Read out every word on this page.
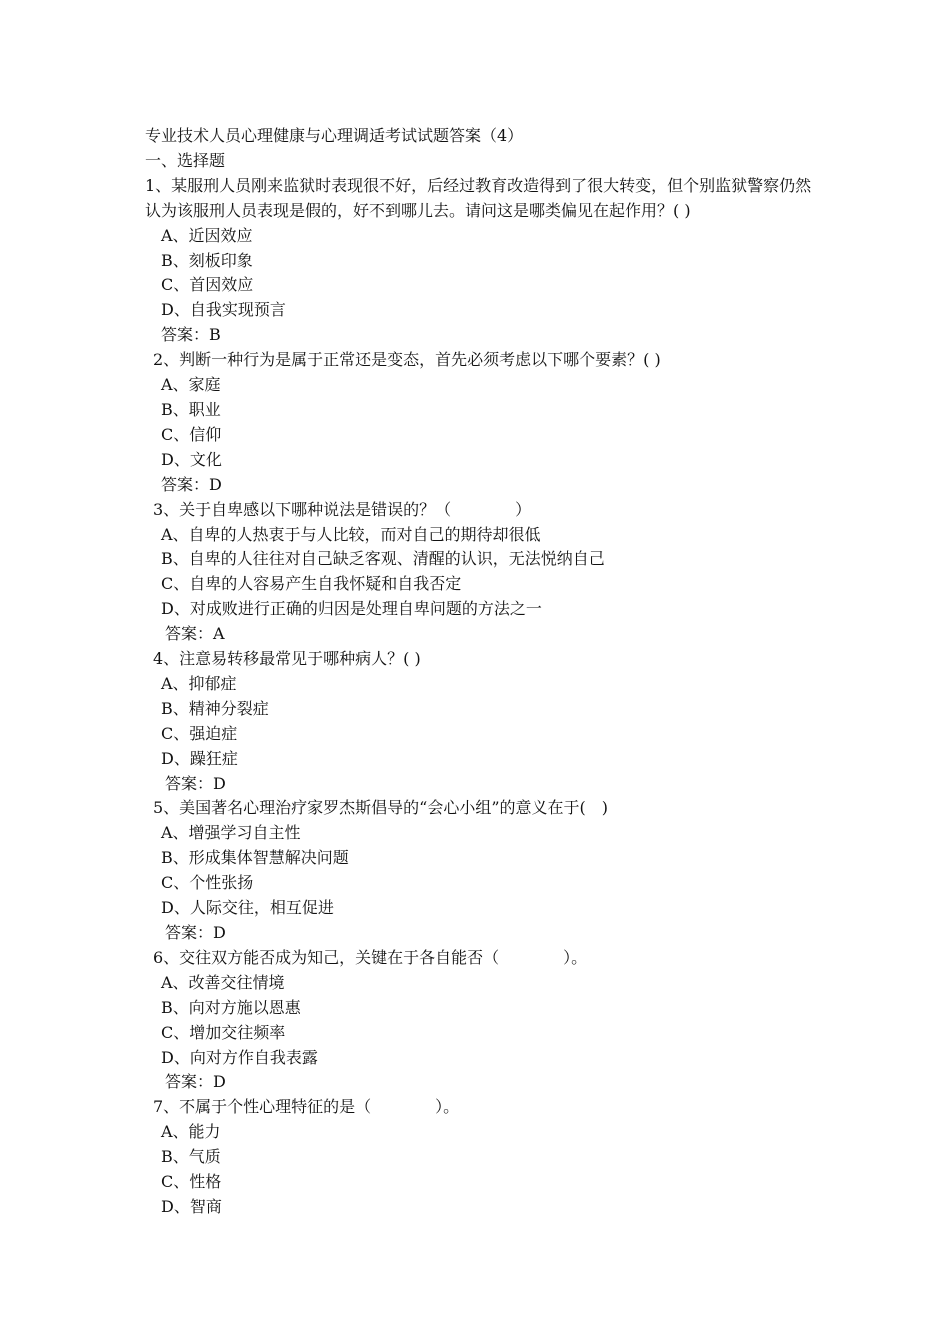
专业技术人员心理健康与心理调适考试试题答案（4）

一、选择题

1、某服刑人员刚来监狱时表现很不好，后经过教育改造得到了很大转变，但个别监狱警察仍然认为该服刑人员表现是假的，好不到哪儿去。请问这是哪类偏见在起作用？( )

A、近因效应

B、刻板印象

C、首因效应

D、自我实现预言

答案：B

2、判断一种行为是属于正常还是变态，首先必须考虑以下哪个要素？( )

A、家庭

B、职业

C、信仰

D、文化

答案：D

3、关于自卑感以下哪种说法是错误的？（　　　　）

A、自卑的人热衷于与人比较，而对自己的期待却很低

B、自卑的人往往对自己缺乏客观、清醒的认识，无法悦纳自己

C、自卑的人容易产生自我怀疑和自我否定

D、对成败进行正确的归因是处理自卑问题的方法之一

答案：A

4、注意易转移最常见于哪种病人？( )

A、抑郁症

B、精神分裂症

C、强迫症

D、躁狂症

答案：D

5、美国著名心理治疗家罗杰斯倡导的“会心小组”的意义在于(　)

A、增强学习自主性

B、形成集体智慧解决问题

C、个性张扬

D、人际交往，相互促进

答案：D

6、交往双方能否成为知己，关键在于各自能否（　　　　）。

A、改善交往情境

B、向对方施以恩惠

C、增加交往频率

D、向对方作自我表露

答案：D

7、不属于个性心理特征的是（　　　　）。

A、能力

B、气质

C、性格

D、智商
